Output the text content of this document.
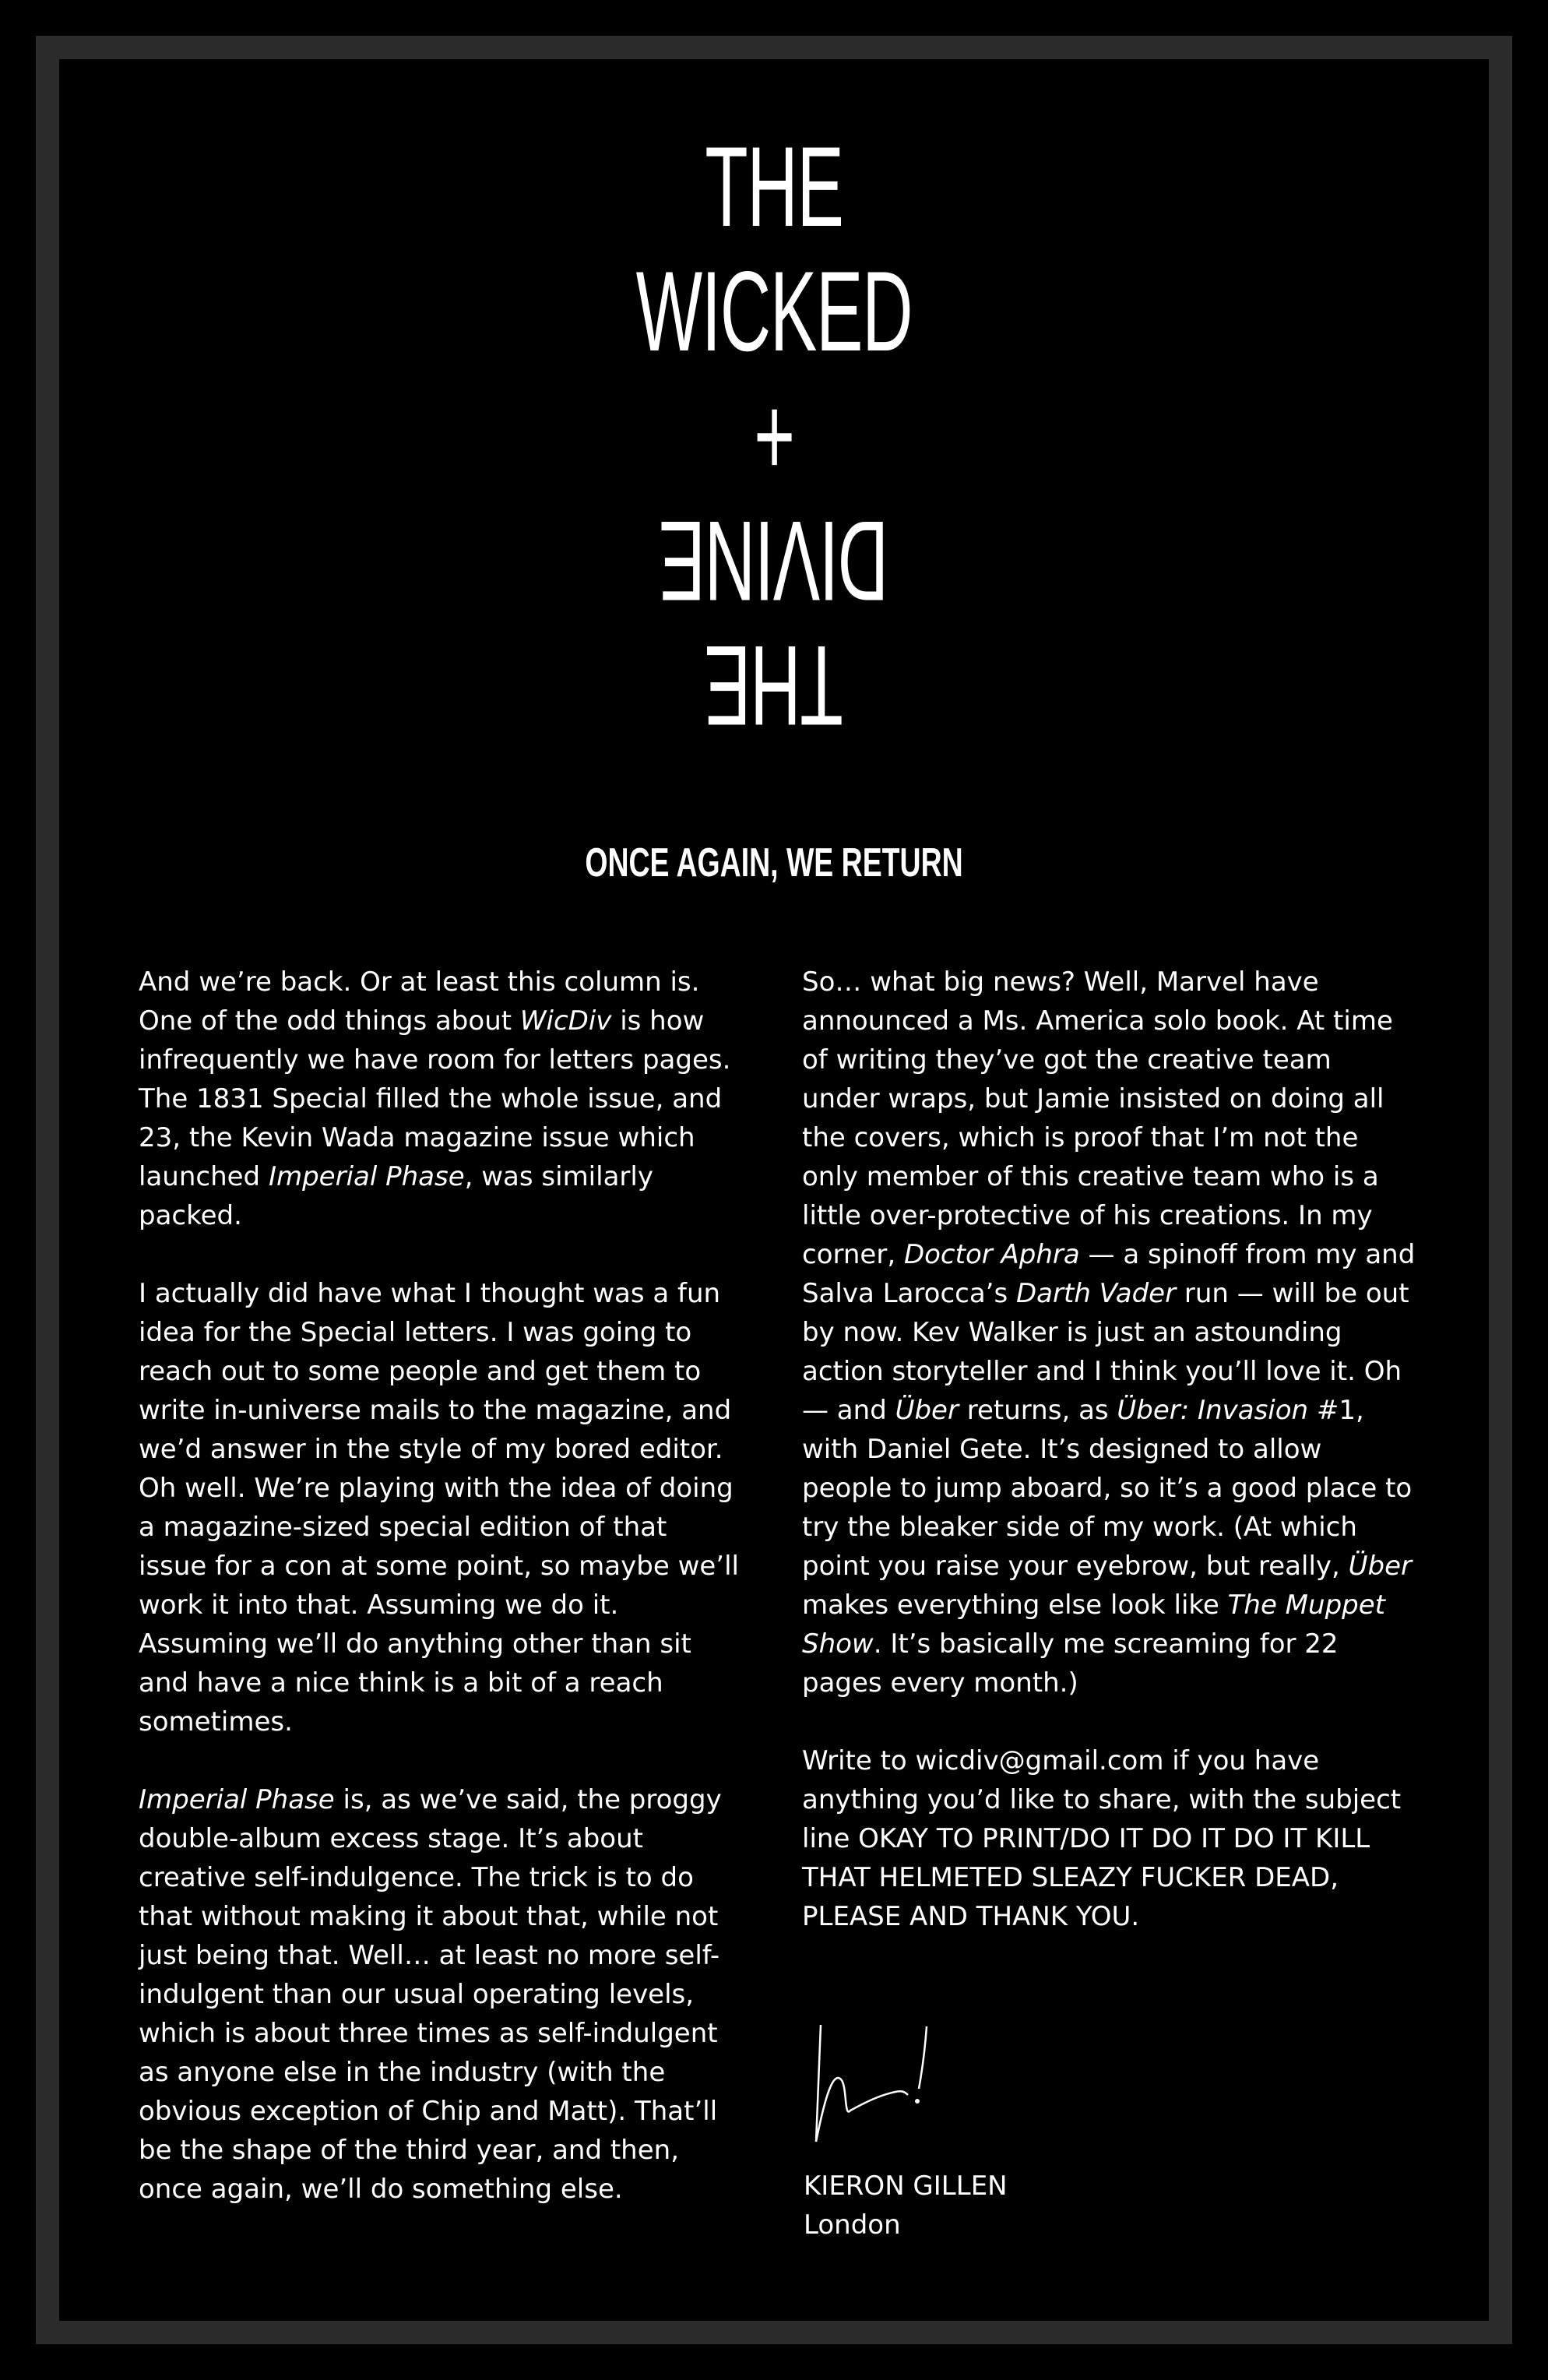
THE
WICKED
+
DIVINE
THE
ONCE AGAIN, WE RETURN

And we’re back. Or at least this column is. One of the odd things about WicDiv is how infrequently we have room for letters pages. The 1831 Special filled the whole issue, and 23, the Kevin Wada magazine issue which launched Imperial Phase, was similarly packed.

I actually did have what I thought was a fun idea for the Special letters. I was going to reach out to some people and get them to write in-universe mails to the magazine, and we’d answer in the style of my bored editor. Oh well. We’re playing with the idea of doing a magazine-sized special edition of that issue for a con at some point, so maybe we’ll work it into that. Assuming we do it. Assuming we’ll do anything other than sit and have a nice think is a bit of a reach sometimes.

Imperial Phase is, as we’ve said, the proggy double-album excess stage. It’s about creative self-indulgence. The trick is to do that without making it about that, while not just being that. Well… at least no more self-indulgent than our usual operating levels, which is about three times as self-indulgent as anyone else in the industry (with the obvious exception of Chip and Matt). That’ll be the shape of the third year, and then, once again, we’ll do something else.

So… what big news? Well, Marvel have announced a Ms. America solo book. At time of writing they’ve got the creative team under wraps, but Jamie insisted on doing all the covers, which is proof that I’m not the only member of this creative team who is a little over-protective of his creations. In my corner, Doctor Aphra — a spinoff from my and Salva Larocca’s Darth Vader run — will be out by now. Kev Walker is just an astounding action storyteller and I think you’ll love it. Oh — and Über returns, as Über: Invasion #1, with Daniel Gete. It’s designed to allow people to jump aboard, so it’s a good place to try the bleaker side of my work. (At which point you raise your eyebrow, but really, Über makes everything else look like The Muppet Show. It’s basically me screaming for 22 pages every month.)

Write to wicdiv@gmail.com if you have anything you’d like to share, with the subject line OKAY TO PRINT/DO IT DO IT DO IT KILL THAT HELMETED SLEAZY FUCKER DEAD, PLEASE AND THANK YOU.

KIERON GILLEN
London
